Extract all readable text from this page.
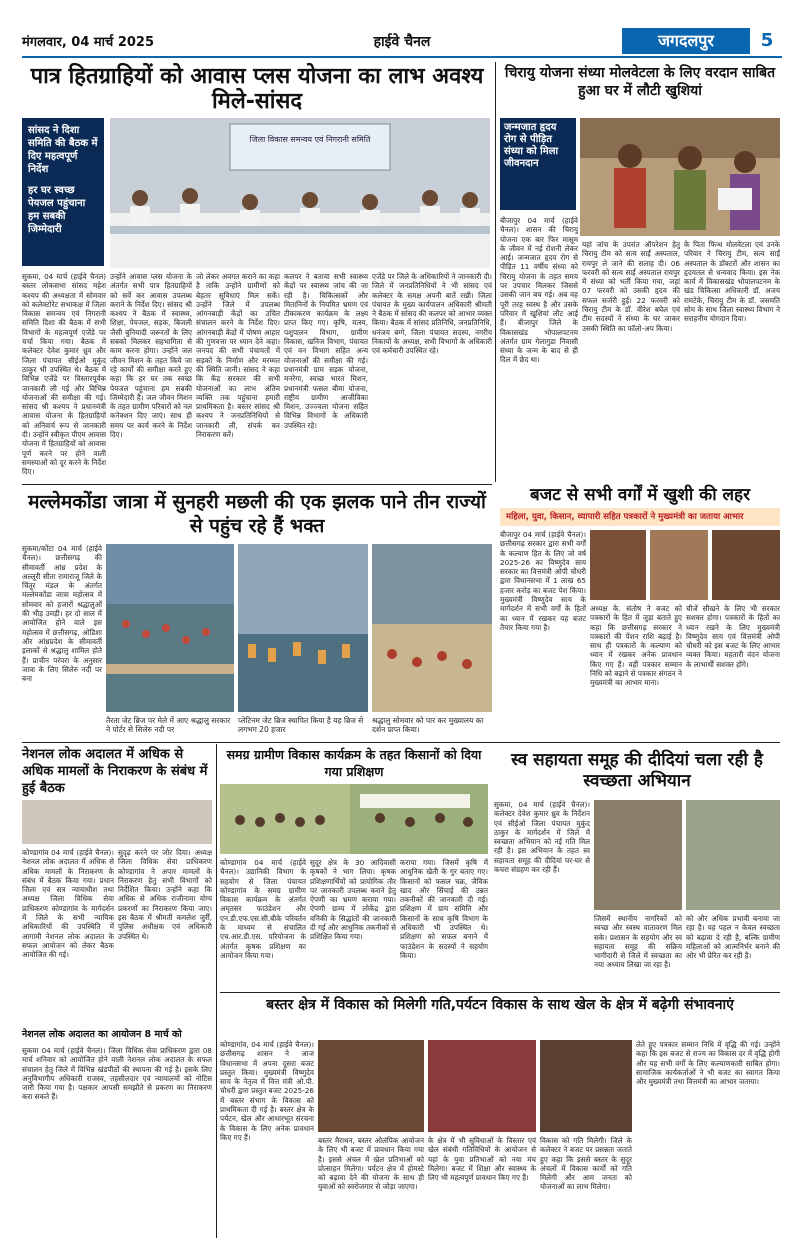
मंगलवार, 04 मार्च 2025	हाईवे चैनल	जगदलपुर	5
पात्र हितग्राहियों को आवास प्लस योजना का लाभ अवश्य मिले-सांसद

सांसद ने दिशा समिति की बैठक में दिए महत्वपूर्ण निर्देश

हर घर स्वच्छ पेयजल पहुंचाना हम सबकी जिम्मेदारी

जिला विकास समन्वय एवं निगरानी समिति
सुकमा, 04 मार्च (हाईवे चैनल) बस्तर लोकसभा सांसद महेश कश्यप की अध्यक्षता में सोमवार को कलेक्टोरेट सभाकक्ष में जिला विकास समन्वय एवं निगरानी समिति दिशा की बैठक में सभी विभागों के महत्वपूर्ण एजेंडे पर चर्चा किया गया। बैठक में कलेक्टर देवेश कुमार ध्रुव और जिला पंचायत सीईओ मुकुंद ठाकुर भी उपस्थित थे। बैठक में विभिन्न एजेंडे पर विस्तारपूर्वक जानकारी ली गई और विभिन्न योजनाओं की समीक्षा की गई। सांसद श्री कश्यप ने प्रधानमंत्री आवास योजना के हितग्राहियों को अनिवार्य रूप से जानकारी दी। उन्होंने स्वीकृत पीएम आवास योजना में हितग्राहियों को आवास पूर्ण करने पर होने वाली समस्याओं को दूर करने के निर्देश दिए।
उन्होंने आवास प्लस योजना के अंतर्गत सभी पात्र हितग्राहियों को सर्वे कर आवास उपलब्ध कराने के निर्देश दिए। सांसद श्री कश्यप ने बैठक में स्वास्थ्य, शिक्षा, पेयजल, सड़क, बिजली जैसी बुनियादी जरूरतों के लिए सबको मिलकर सहभागिता से काम करना होगा। उन्होंने जल जीवन मिशन के तहत किये जा रहे कार्यों की समीक्षा करते हुए कहा कि हर घर तक स्वच्छ पेयजल पहुंचाना हम सबकी जिम्मेदारी है। जल जीवन मिशन के तहत ग्रामीण परिवारों को नल कनेक्शन दिए जाएं। साथ ही समय पर कार्य करने के निर्देश दिए।
जो लेकर अवगत कराने का कहा है ताकि उन्होंने ग्रामीणों को बेहतर सुविधाएं मिल सकें। उन्होंने जिले में उपलब्ध आंगनबाड़ी केंद्रों का उचित संचालन करने के निर्देश दिए। आंगनबाड़ी केंद्रों में पोषण आहार की गुणवत्ता पर ध्यान देने कहा। जनपद की सभी पंचायतों में सड़कों के निर्माण और मरम्मत की स्थिति जानी। सांसद ने कहा कि केंद्र सरकार की सभी योजनाओं का लाभ अंतिम व्यक्ति तक पहुंचाना हमारी प्राथमिकता है। बस्तर सांसद श्री कश्यप ने जनप्रतिनिधियों से जानकारी ली, संपर्क कर निराकरण करें।
कलपर ने बताया सभी स्वास्थ्य केंद्रों पर स्वास्थ्य जांच की जा रही है। चिकित्सकों और मितानिनों के नियमित भ्रमण एवं टीकाकरण कार्यक्रम के लक्ष्य प्राप्त किए गए। कृषि, मत्स्य, पशुपालन विभाग, ग्रामीण विकास, खनिज विभाग, पंचायत एवं वन विभाग सहित अन्य योजनाओं की समीक्षा की गई। प्रधानमंत्री ग्राम सड़क योजना, मनरेगा, स्वच्छ भारत मिशन, प्रधानमंत्री फसल बीमा योजना, राष्ट्रीय ग्रामीण आजीविका मिशन, उज्ज्वला योजना सहित विभिन्न विभागों के अधिकारी उपस्थित रहे।
एजेंडे पर जिले के अधिकारियों ने जानकारी दी। जिले में जनप्रतिनिधियों ने भी सांसद एवं कलेक्टर के समक्ष अपनी बातें रखी। जिला पंचायत के मुख्य कार्यपालन अधिकारी श्रीमती ने बैठक में सांसद की कलपर को आभार व्यक्त किया। बैठक में सांसद प्रतिनिधि, जनप्रतिनिधि, धनंजय बग्गे, जिला पंचायत सदस्य, नगरीय निकायों के अध्यक्ष, सभी विभागों के अधिकारी एवं कर्मचारी उपस्थित रहे।
चिरायु योजना संध्या मोलवेटला के लिए वरदान साबित हुआ घर में लौटी खुशियां

जन्मजात हृदय रोग से पीड़ित संध्या को मिला जीवनदान

बीजापुर 04 मार्च (हाईवे चैनल)। शासन की चिरायु योजना एक बार फिर मासूम के जीवन में नई रोशनी लेकर आई। जन्मजात हृदय रोग से पीड़ित 11 वर्षीय संध्या को चिरायु योजना के तहत समय पर उपचार मिलकर जिससे उसकी जान बच गई। अब वह पूरी तरह स्वस्थ है और उसके परिवार में खुशियां लौट आई हैं। बीजापुर जिले के विकासखंड भोपालपटनम अंतर्गत ग्राम गेलागुडा निवासी संध्या के जन्म के बाद से ही दिल में छेद था।
यहां जांच के उपरांत ऑपरेशन हेतु चिरायु टीम को सत्य साईं अस्पताल, रायपुर ले जाने की सलाह दी। 06 फरवरी को सत्य साईं अस्पताल रायपुर में संध्या को भर्ती किया गया, जहां 07 फरवरी को उसकी हृदय की सफल सर्जरी हुई। 22 फरवरी को चिरायु टीम के डॉ. वीरेश बघेल एवं टीम सदस्यों ने संध्या के घर जाकर उसकी स्थिति का फॉलो-अप किया।
के पिता फिन्ध मोलवेटला एवं उनके परिवार ने चिरायु टीम, सत्य साईं अस्पताल के डॉक्टरों और शासन का हृदयतल से धन्यवाद किया। इस नेक कार्य में विकासखंड भोपालपटनम के खंड चिकित्सा अधिकारी डॉ. अजय रामटेके, चिरायु टीम के डॉ. जसमति सोम के साथ जिला स्वास्थ्य विभाग ने सराहनीय योगदान दिया।
बजट से सभी वर्गों में खुशी की लहर
महिला, युवा, किसान, व्यापारी सहित पत्रकारों ने मुख्यमंत्री का जताया आभार
बीजापुर 04 मार्च (हाईवे चैनल)। छत्तीसगढ़ सरकार द्वारा सभी वर्गों के कल्याण हित के लिए जो वर्ष 2025-26 का विष्णुदेव साय सरकार का वित्तमंत्री ओपी चौधरी द्वारा विधानसभा में 1 लाख 65 हजार करोड़ का बजट पेश किया। मुख्यमंत्री विष्णुदेव साय के मार्गदर्शन में सभी वर्गों के हितों का ध्यान में रखकर यह बजट तैयार किया गया है।
अध्यक्ष के. संतोष ने बजट को पत्रकारों के हित में जुड़ा बताते हुए कहा कि छत्तीसगढ़ सरकार ने पत्रकारों की पेंशन राशि बढ़ाई है। साथ ही पत्रकारों के कल्याण को ध्यान में रखकर अनेक प्रावधान किए गए हैं। वहीं पत्रकार सम्मान निधि को बढ़ाने से पत्रकार संगठन ने मुख्यमंत्री का आभार माना।
चीजें सीखने के लिए भी सरकार सशक्त होगा। पत्रकारों के हितों का ध्यान रखने के लिए मुख्यमंत्री विष्णुदेव साय एवं वित्तमंत्री ओपी चौधरी को इस बजट के लिए आभार व्यक्त किया। महतारी वंदन योजना के लाभार्थी सशक्त होंगे।
मल्लेमकोंडा जात्रा में सुनहरी मछली की एक झलक पाने तीन राज्यों से पहुंच रहे हैं भक्त
सुकमा/कोंटा 04 मार्च (हाईवे चैनल)। छत्तीसगढ़ की सीमावर्ती आंध्र प्रदेश के अल्लूरी सीता रामाराजू जिले के चिंतूर मंडल के अंतर्गत मल्लेमकोंडा जात्रा महोत्सव में सोमवार को हजारों श्रद्धालुओं की भीड़ उमड़ी। हर दो साल में आयोजित होने वाले इस महोत्सव में छत्तीसगढ़, ओडिशा और आंध्रप्रदेश के सीमावर्ती इलाकों से श्रद्धालु शामिल होते हैं। प्राचीन परंपरा के अनुसार जात्रा के लिए सिलेरु नदी पर बना
तैरता जेट ब्रिज पर मेले में आए श्रद्धालु सरकार ने पोर्टर से सिलेरु नदी पर
प्लेटिनम जेट ब्रिज स्थापित किया है यह ब्रिज से लगभग 20 हजार
श्रद्धालु सोमवार को पार कर मुख्यालय का दर्शन प्राप्त किया।
नेशनल लोक अदालत में अधिक से अधिक मामलों के निराकरण के संबंध में हुई बैठक
कोण्डागांव 04 मार्च (हाईवे चैनल)। नेशनल लोक अदालत में अधिक से अधिक मामलों के निराकरण के संबंध में बैठक किया गया। प्रधान जिला एवं सत्र न्यायाधीश तथा अध्यक्ष जिला विधिक सेवा प्राधिकरण कोण्डागांव के मार्गदर्शन में जिले के सभी न्यायिक अधिकारियों की उपस्थिति में आगामी नेशनल लोक अदालत के सफल आयोजन को लेकर बैठक आयोजित की गई।
सुदृढ़ करने पर जोर दिया। अध्यक्ष जिला विधिक सेवा प्राधिकरण कोण्डागांव ने अपार मामलों के निराकरण हेतु सभी विभागों को निर्देशित किया। उन्होंने कहा कि अधिक से अधिक राजीनामा योग्य प्रकरणों का निराकरण किया जाए। इस बैठक में श्रीमती कमलेश जुर्री, पुलिस अधीक्षक एवं अधिकारी उपस्थित थे।
नेशनल लोक अदालत का आयोजन 8 मार्च को
सुकमा 04 मार्च (हाईवे चैनल)। जिला विधिक सेवा प्राधिकरण द्वारा 08 मार्च शनिवार को आयोजित होने वाली नेशनल लोक अदालत के सफल संचालन हेतु जिले में विभिन्न खंडपीठों की स्थापना की गई है। इसके लिए अनुविभागीय अधिकारी राजस्व, तहसीलदार एवं न्यायालयों को नोटिस जारी किया गया है। पक्षकार आपसी समझौते से प्रकरण का निराकरण करा सकते हैं।
समग्र ग्रामीण विकास कार्यक्रम के तहत किसानों को दिया गया प्रशिक्षण
कोण्डागांव 04 मार्च (हाईवे चैनल)। उद्यानिकी विभाग के सहयोग से जिला पंचायत कोण्डागांव के समग्र ग्रामीण विकास कार्यक्रम के अंतर्गत अमृतसर फाउंडेशन और एन.डी.एफ.एस.सी.बीके परिवर्तन के माध्यम से संचालित एच.आर.डी.एस. परियोजना के अंतर्गत कृषक प्रशिक्षण का आयोजन किया गया।
सुदूर क्षेत्र के 30 आदिवासी कृषकों ने भाग लिया। कृषक प्रशिक्षणार्थियों को प्रायोगिक तौर पर जानकारी उपलब्ध कराने हेतु ऐपणी का भ्रमण कराया गया। ऐपणी ग्राम्य में लोकेंद्र द्वारा वनिकी के सिद्धांतों की जानकारी दी गई और आधुनिक तकनीकों से प्रशिक्षित किया गया।
कराया गया। जिसमें कृषि में आधुनिक खेती के गुर बताए गए। किसानों को फसल चक्र, जैविक खाद और सिंचाई की उन्नत तकनीकों की जानकारी दी गई। प्रशिक्षण में ग्राम समिति और किसानों के साथ कृषि विभाग के अधिकारी भी उपस्थित थे। प्रशिक्षण को सफल बनाने में फाउंडेशन के सदस्यों ने सहयोग किया।
स्व सहायता समूह की दीदियां चला रही है स्वच्छता अभियान
सुकमा, 04 मार्च (हाईवे चैनल)। कलेक्टर देवेश कुमार ध्रुव के निर्देशन एवं सीईओ जिला पंचायत मुकुंद ठाकुर के मार्गदर्शन में जिले में स्वच्छता अभियान को नई गति मिल रही है। इस अभियान के तहत स्व सहायता समूह की दीदियां घर-घर से कचरा संग्रहण कर रही हैं।
जिसमें स्थानीय नागरिकों को स्वच्छ और स्वस्थ वातावरण मिल सके। प्रशासन के सहयोग और स्व सहायता समूह की सक्रिय भागीदारी से जिले में स्वच्छता का नया अध्याय लिखा जा रहा है।
को और अधिक प्रभावी बनाया जा रहा है। यह पहल न केवल स्वच्छता को बढ़ावा दे रही है, बल्कि ग्रामीण महिलाओं को आत्मनिर्भर बनाने की ओर भी प्रेरित कर रही है।
बस्तर क्षेत्र में विकास को मिलेगी गति,पर्यटन विकास के साथ खेल के क्षेत्र में बढ़ेगी संभावनाएं
कोण्डागांव, 04 मार्च (हाईवे चैनल)। छत्तीसगढ़ शासन ने आज विधानसभा में अपना दूसरा बजट प्रस्तुत किया। मुख्यमंत्री विष्णुदेव साय के नेतृत्व में वित्त मंत्री ओ.पी. चौधरी द्वारा प्रस्तुत बजट 2025-26 में बस्तर संभाग के विकास को प्राथमिकता दी गई है। बस्तर क्षेत्र के पर्यटन, खेल और आधारभूत संरचना के विकास के लिए अनेक प्रावधान किए गए हैं।	बस्तर मैराथन, बस्तर ओलंपिक आयोजन के लिए भी बजट में प्रावधान किया गया है। इससे अंचल में खेल प्रतिभाओं को प्रोत्साहन मिलेगा। पर्यटन क्षेत्र में होमस्टे को बढ़ावा देने की योजना के साथ ही युवाओं को स्वरोजगार से जोड़ा जाएगा।
के क्षेत्र में भी सुविधाओं के विस्तार एवं खेल संबंधी गतिविधियों के आयोजन से यहां के युवा प्रतिभाओं को नया मंच मिलेगा। बजट में शिक्षा और स्वास्थ्य के लिए भी महत्वपूर्ण प्रावधान किए गए हैं।
विकास को गति मिलेगी। जिले के कलेक्टर ने बजट पर प्रसन्नता जताते हुए कहा कि इससे बस्तर के सुदूर अंचलों में विकास कार्यों को गति मिलेगी और आम जनता को योजनाओं का लाभ मिलेगा।
लेते हुए पत्रकार सम्मान निधि में वृद्धि की गई। उन्होंने कहा कि इस बजट से राज्य का विकास दर में वृद्धि होगी और यह सभी वर्गों के लिए कल्याणकारी साबित होगा। सामाजिक कार्यकर्ताओं ने भी बजट का स्वागत किया और मुख्यमंत्री तथा वित्तमंत्री का आभार जताया।
